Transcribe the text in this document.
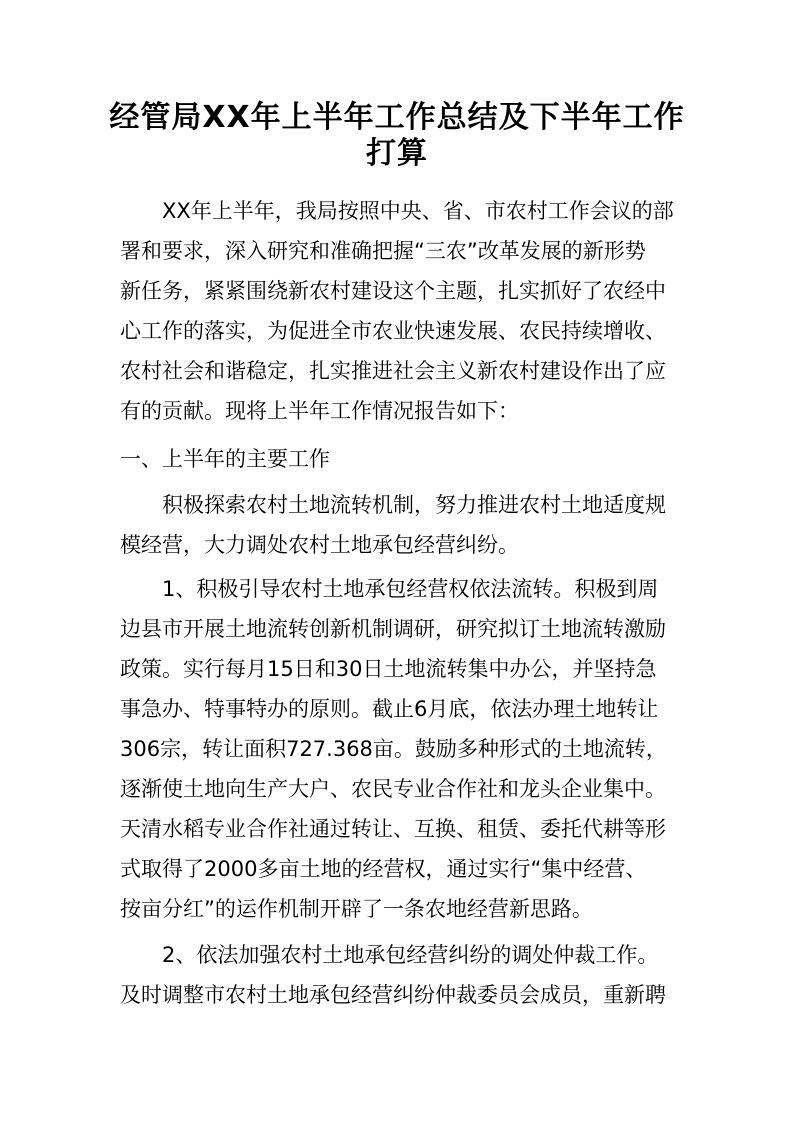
经管局XX年上半年工作总结及下半年工作
打算
XX年上半年，我局按照中央、省、市农村工作会议的部
署和要求，深入研究和准确把握“三农”改革发展的新形势
新任务，紧紧围绕新农村建设这个主题，扎实抓好了农经中
心工作的落实，为促进全市农业快速发展、农民持续增收、
农村社会和谐稳定，扎实推进社会主义新农村建设作出了应
有的贡献。现将上半年工作情况报告如下：
一、上半年的主要工作
积极探索农村土地流转机制，努力推进农村土地适度规
模经营，大力调处农村土地承包经营纠纷。
1、积极引导农村土地承包经营权依法流转。积极到周
边县市开展土地流转创新机制调研，研究拟订土地流转激励
政策。实行每月15日和30日土地流转集中办公，并坚持急
事急办、特事特办的原则。截止6月底，依法办理土地转让
306宗，转让面积727.368亩。鼓励多种形式的土地流转，
逐渐使土地向生产大户、农民专业合作社和龙头企业集中。
天清水稻专业合作社通过转让、互换、租赁、委托代耕等形
式取得了2000多亩土地的经营权，通过实行“集中经营、
按亩分红”的运作机制开辟了一条农地经营新思路。
2、依法加强农村土地承包经营纠纷的调处仲裁工作。
及时调整市农村土地承包经营纠纷仲裁委员会成员，重新聘
